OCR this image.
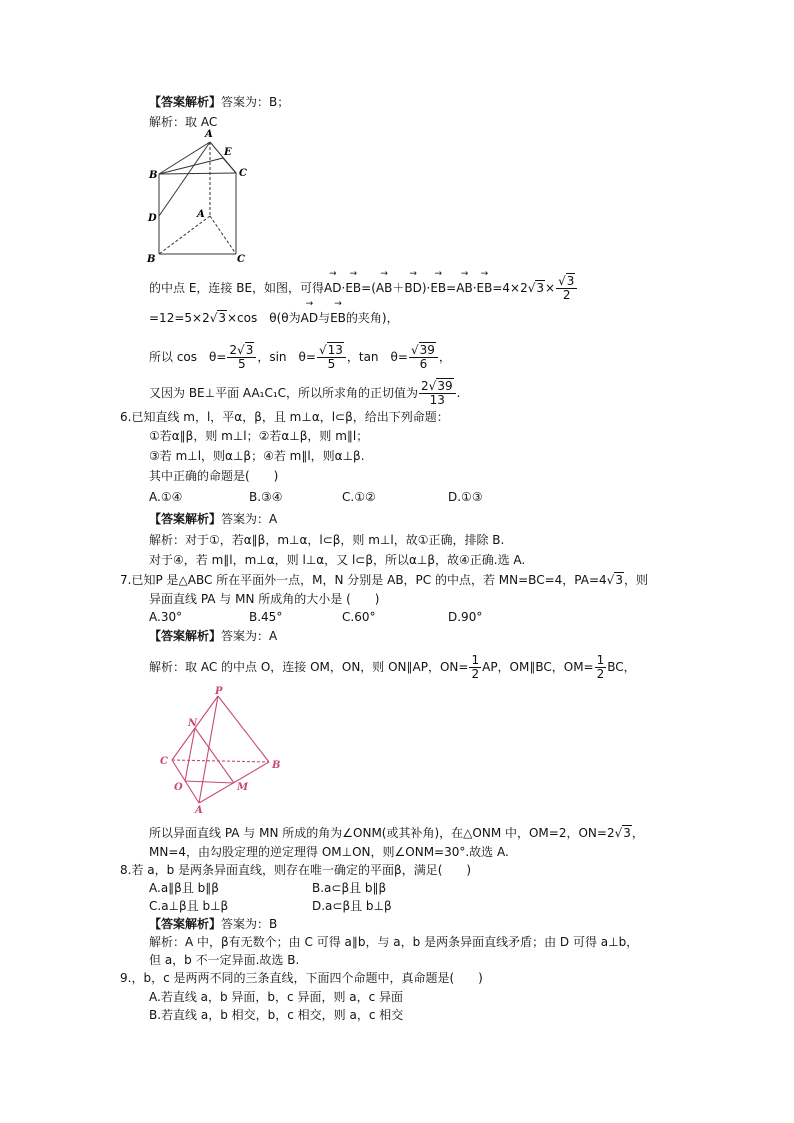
【答案解析】答案为：B；
解析：取 AC
A
E
B	C
D	A
B	C
的中点 E，连接 BE，如图，可得→ $AD\cdot\to EB=(\to AB+\to BD)\cdot\to EB=\to AB\cdot\to EB=4\times 2√3\times \frac{√3}{2}$
=12=5×2√3×cos　θ(θ为→ AD与→ EB的夹角)，
所以 cos　$\theta= \frac{2√3}{5}$ ，sin　$\theta= \frac{√13}{5}$ ，tan　$\theta= \frac{√39}{6}$ ，
又因为 BE⊥平面 AA₁C₁C，所以所求角的正切值为 $\frac{2√39}{13}$ .
6.已知直线 m，l，平α，β，且 m⊥α，l⊂β，给出下列命题：
①若α∥β，则 m⊥l；②若α⊥β，则 m∥l；
③若 m⊥l，则α⊥β；④若 m∥l，则α⊥β.
其中正确的命题是(　　)
A.①④	B.③④	C.①②	D.①③
【答案解析】答案为：A
解析：对于①，若α∥β，m⊥α，l⊂β，则 m⊥l，故①正确，排除 B.
对于④，若 m∥l，m⊥α，则 l⊥α，又 l⊂β，所以α⊥β，故④正确.选 A.
7.已知P 是△ABC 所在平面外一点，M，N 分别是 AB，PC 的中点，若 MN=BC=4，PA=4√3，则
异面直线 PA 与 MN 所成角的大小是 (　　)
A.30°	B.45°	C.60°	D.90°
【答案解析】答案为：A
解析：取 AC 的中点 O，连接 OM，ON，则 ON∥AP，$ON= \frac{1}{2}$ AP，OM∥BC，$OM= \frac{1}{2}$ BC，
P
N
C	B
O	M
A
所以异面直线 PA 与 MN 所成的角为∠ONM(或其补角)，在△ONM 中，OM=2，ON=2√3，
MN=4，由勾股定理的逆定理得 OM⊥ON，则∠ONM=30°.故选 A.
8.若 a，b 是两条异面直线，则存在唯一确定的平面β，满足(　　)
A.a∥β且 b∥β	B.a⊂β且 b∥β
C.a⊥β且 b⊥β	D.a⊂β且 b⊥β
【答案解析】答案为：B
解析：A 中，β有无数个；由 C 可得 a∥b，与 a，b 是两条异面直线矛盾；由 D 可得 a⊥b，
但 a，b 不一定异面.故选 B.
9.，b，c 是两两不同的三条直线，下面四个命题中，真命题是(　　)
A.若直线 a，b 异面，b，c 异面，则 a，c 异面
B.若直线 a，b 相交，b，c 相交，则 a，c 相交
